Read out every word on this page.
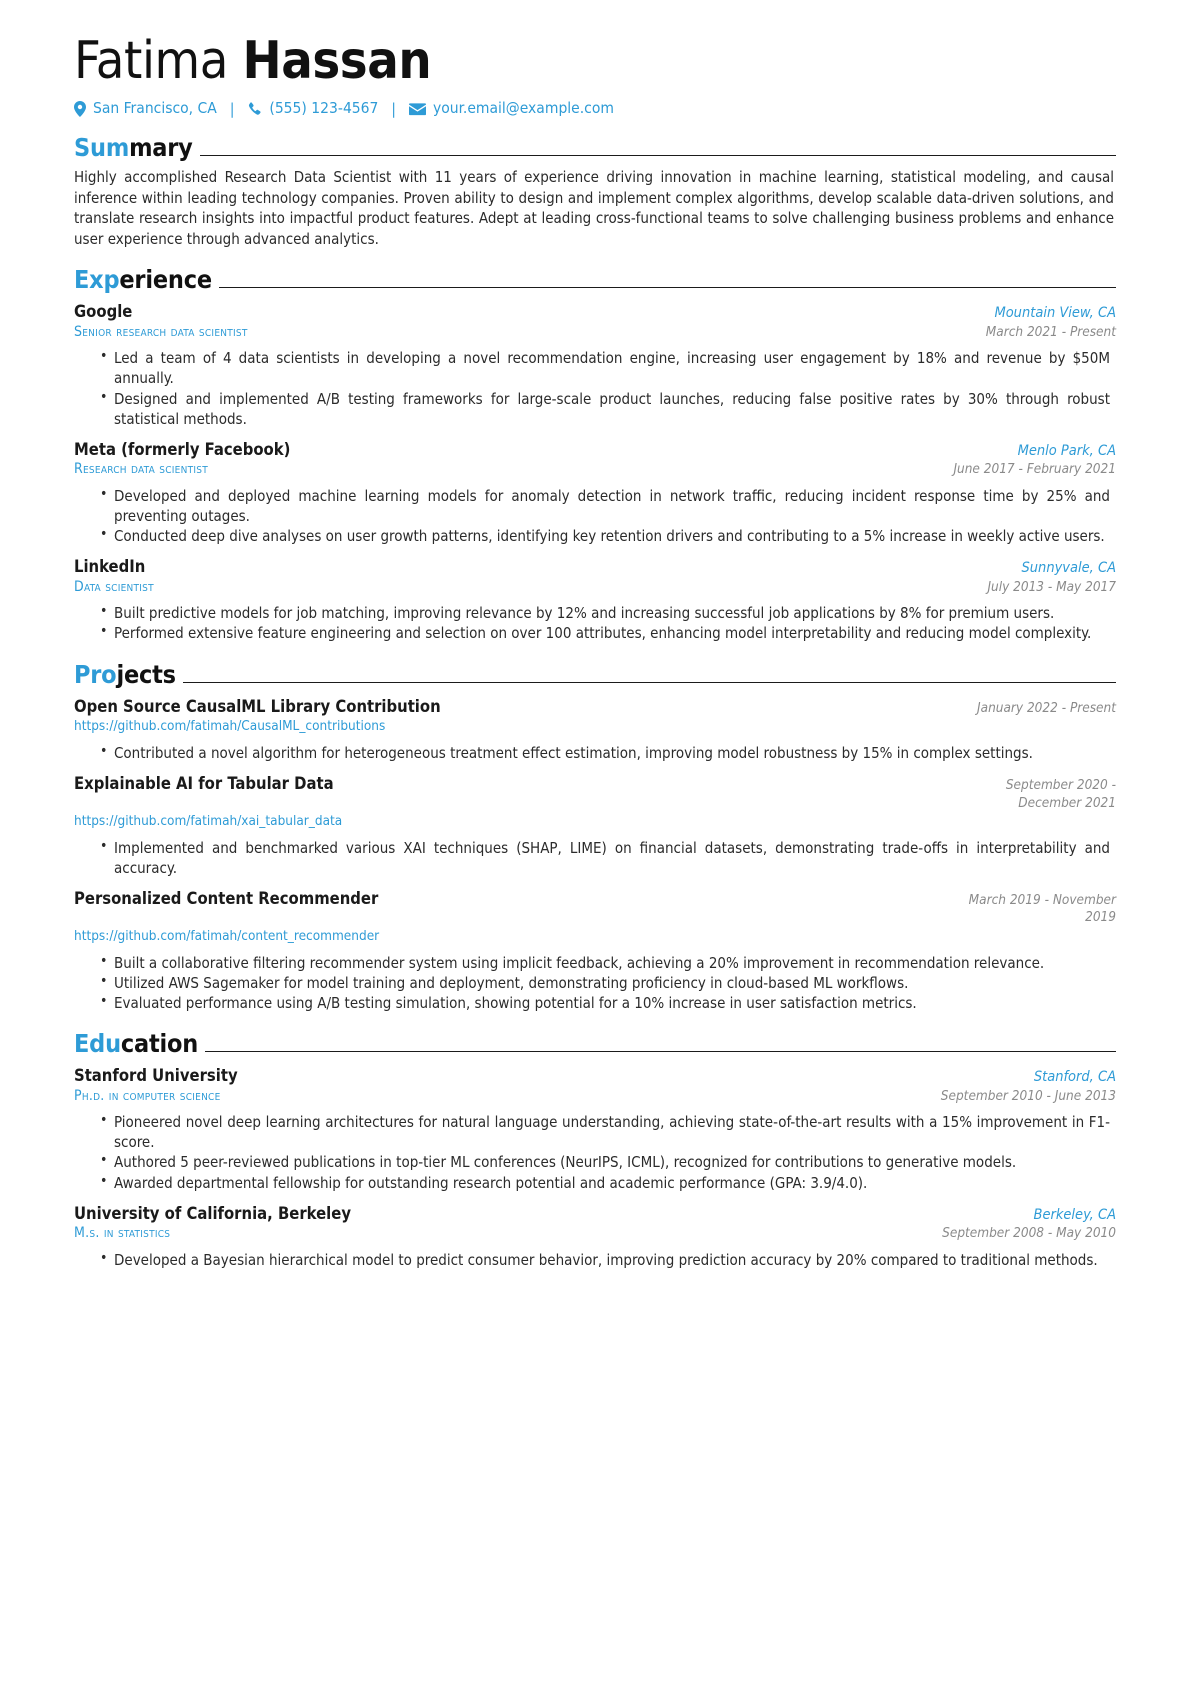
Fatima Hassan
San Francisco, CA |	(555) 123-4567 |	your.email@example.com
Summary

Highly accomplished Research Data Scientist with 11 years of experience driving innovation in machine learning, statistical modeling, and causal inference within leading technology companies. Proven ability to design and implement complex algorithms, develop scalable data-driven solutions, and translate research insights into impactful product features. Adept at leading cross-functional teams to solve challenging business problems and enhance user experience through advanced analytics.

Experience
Google	Mountain View, CA
Senior research data scientist	March 2021 - Present
• Led a team of 4 data scientists in developing a novel recommendation engine, increasing user engagement by 18% and revenue by $50M annually.
• Designed and implemented A/B testing frameworks for large-scale product launches, reducing false positive rates by 30% through robust statistical methods.
Meta (formerly Facebook)	Menlo Park, CA
Research data scientist	June 2017 - February 2021
• Developed and deployed machine learning models for anomaly detection in network traffic, reducing incident response time by 25% and preventing outages.
• Conducted deep dive analyses on user growth patterns, identifying key retention drivers and contributing to a 5% increase in weekly active users.
LinkedIn	Sunnyvale, CA
Data scientist	July 2013 - May 2017
• Built predictive models for job matching, improving relevance by 12% and increasing successful job applications by 8% for premium users.
• Performed extensive feature engineering and selection on over 100 attributes, enhancing model interpretability and reducing model complexity.
Projects
Open Source CausalML Library Contribution	January 2022 - Present
https://github.com/fatimah/CausalML_contributions
• Contributed a novel algorithm for heterogeneous treatment effect estimation, improving model robustness by 15% in complex settings.
Explainable AI for Tabular Data	September 2020 - December 2021
https://github.com/fatimah/xai_tabular_data
• Implemented and benchmarked various XAI techniques (SHAP, LIME) on financial datasets, demonstrating trade-offs in interpretability and accuracy.
Personalized Content Recommender	March 2019 - November 2019
https://github.com/fatimah/content_recommender
• Built a collaborative filtering recommender system using implicit feedback, achieving a 20% improvement in recommendation relevance.
• Utilized AWS Sagemaker for model training and deployment, demonstrating proficiency in cloud-based ML workflows.
• Evaluated performance using A/B testing simulation, showing potential for a 10% increase in user satisfaction metrics.
Education
Stanford University	Stanford, CA
Ph.d. in computer science	September 2010 - June 2013
• Pioneered novel deep learning architectures for natural language understanding, achieving state-of-the-art results with a 15% improvement in F1-score.
• Authored 5 peer-reviewed publications in top-tier ML conferences (NeurIPS, ICML), recognized for contributions to generative models.
• Awarded departmental fellowship for outstanding research potential and academic performance (GPA: 3.9/4.0).
University of California, Berkeley	Berkeley, CA
M.s. in statistics	September 2008 - May 2010
• Developed a Bayesian hierarchical model to predict consumer behavior, improving prediction accuracy by 20% compared to traditional methods.
